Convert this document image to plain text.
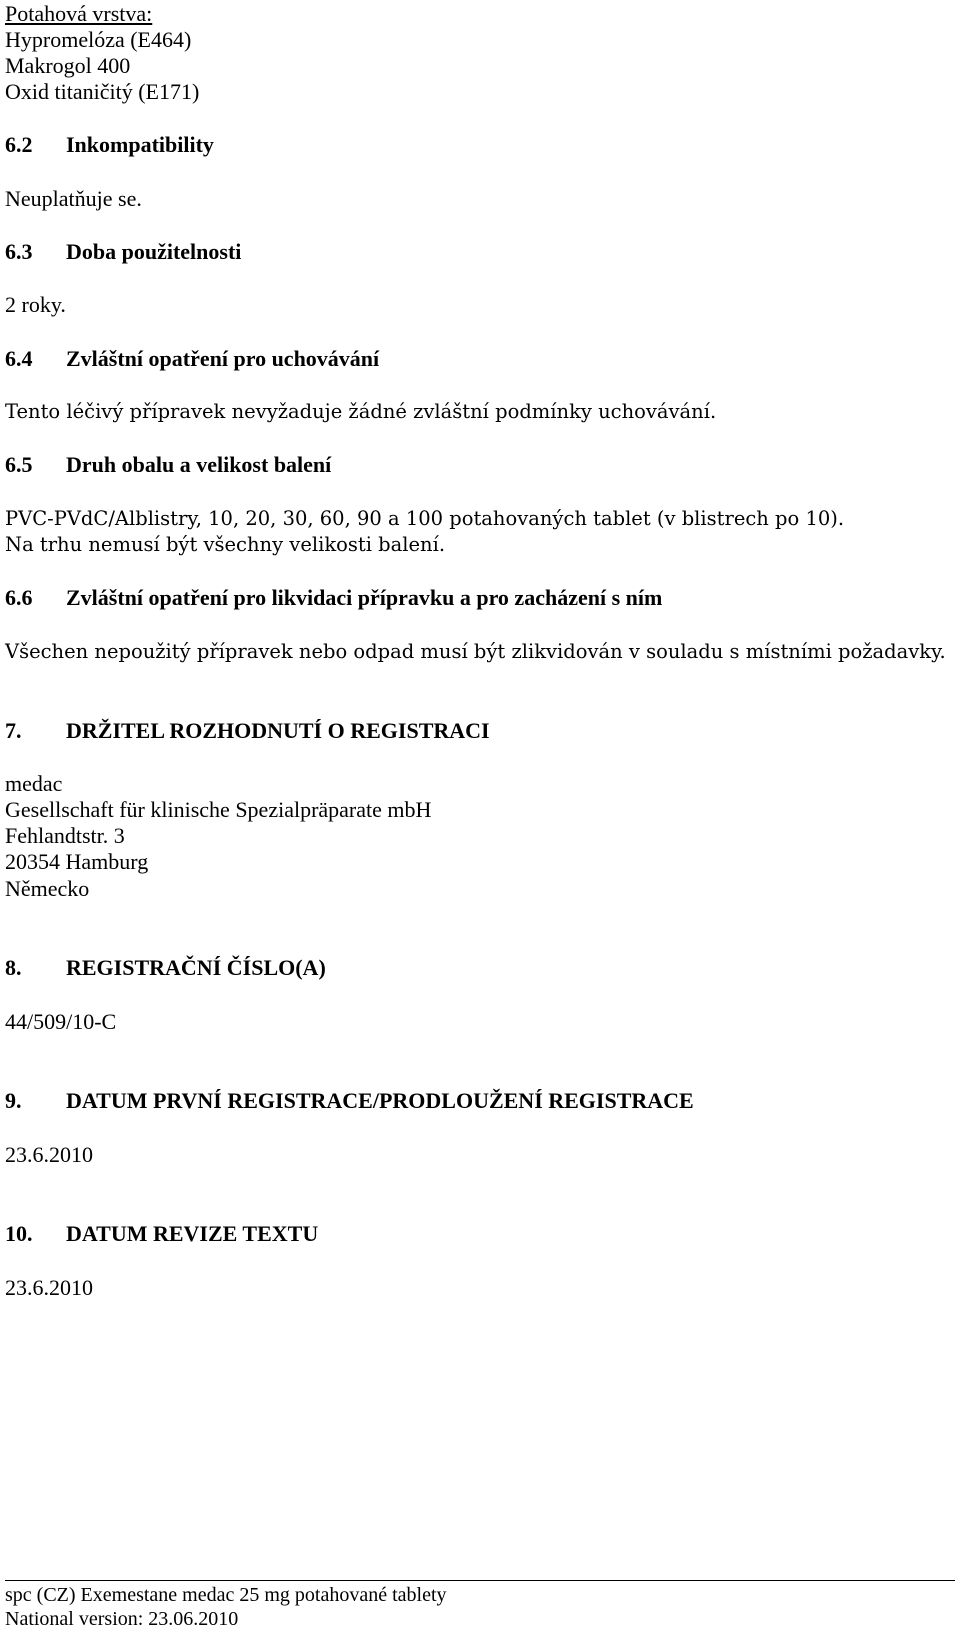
Potahová vrstva:
Hypromelóza (E464)
Makrogol 400
Oxid titaničitý (E171)
6.2 Inkompatibility
Neuplatňuje se.
6.3 Doba použitelnosti
2 roky.
6.4 Zvláštní opatření pro uchovávání
Tento léčivý přípravek nevyžaduje žádné zvláštní podmínky uchovávání.
6.5 Druh obalu a velikost balení
PVC-PVdC/Alblistry, 10, 20, 30, 60, 90 a 100 potahovaných tablet (v blistrech po 10).
Na trhu nemusí být všechny velikosti balení.
6.6 Zvláštní opatření pro likvidaci přípravku a pro zacházení s ním
Všechen nepoužitý přípravek nebo odpad musí být zlikvidován v souladu s místními požadavky.
7. DRŽITEL ROZHODNUTÍ O REGISTRACI
medac
Gesellschaft für klinische Spezialpräparate mbH
Fehlandtstr. 3
20354 Hamburg
Německo
8. REGISTRAČNÍ ČÍSLO(A)
44/509/10-C
9. DATUM PRVNÍ REGISTRACE/PRODLOUŽENÍ REGISTRACE
23.6.2010
10. DATUM REVIZE TEXTU
23.6.2010
spc (CZ) Exemestane medac 25 mg potahované tablety
National version: 23.06.2010
